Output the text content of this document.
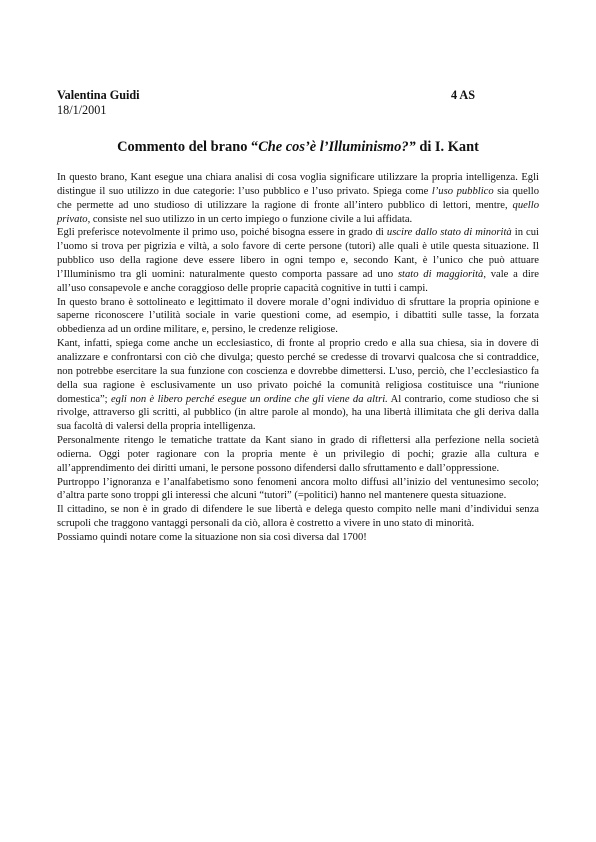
Valentina Guidi	4 AS
18/1/2001
Commento del brano “Che cos’è l’Illuminismo?” di I. Kant

In questo brano, Kant esegue una chiara analisi di cosa voglia significare utilizzare la propria intelligenza. Egli distingue il suo utilizzo in due categorie: l’uso pubblico e l’uso privato. Spiega come l’uso pubblico sia quello che permette ad uno studioso di utilizzare la ragione di fronte all’intero pubblico di lettori, mentre, quello privato, consiste nel suo utilizzo in un certo impiego o funzione civile a lui affidata.

Egli preferisce notevolmente il primo uso, poiché bisogna essere in grado di uscire dallo stato di minorità in cui l’uomo si trova per pigrizia e viltà, a solo favore di certe persone (tutori) alle quali è utile questa situazione. Il pubblico uso della ragione deve essere libero in ogni tempo e, secondo Kant, è l’unico che può attuare l’Illuminismo tra gli uomini: naturalmente questo comporta passare ad uno stato di maggiorità, vale a dire all’uso consapevole e anche coraggioso delle proprie capacità cognitive in tutti i campi.

In questo brano è sottolineato e legittimato il dovere morale d’ogni individuo di sfruttare la propria opinione e saperne riconoscere l’utilità sociale in varie questioni come, ad esempio, i dibattiti sulle tasse, la forzata obbedienza ad un ordine militare, e, persino, le credenze religiose.

Kant, infatti, spiega come anche un ecclesiastico, di fronte al proprio credo e alla sua chiesa, sia in dovere di analizzare e confrontarsi con ciò che divulga; questo perché se credesse di trovarvi qualcosa che si contraddice, non potrebbe esercitare la sua funzione con coscienza e dovrebbe dimettersi. L'uso, perciò, che l’ecclesiastico fa della sua ragione è esclusivamente un uso privato poiché la comunità religiosa costituisce una “riunione domestica”; egli non è libero perché esegue un ordine che gli viene da altri. Al contrario, come studioso che si rivolge, attraverso gli scritti, al pubblico (in altre parole al mondo), ha una libertà illimitata che gli deriva dalla sua facoltà di valersi della propria intelligenza.

Personalmente ritengo le tematiche trattate da Kant siano in grado di riflettersi alla perfezione nella società odierna. Oggi poter ragionare con la propria mente è un privilegio di pochi; grazie alla cultura e all’apprendimento dei diritti umani, le persone possono difendersi dallo sfruttamento e dall’oppressione.

Purtroppo l’ignoranza e l’analfabetismo sono fenomeni ancora molto diffusi all’inizio del ventunesimo secolo; d’altra parte sono troppi gli interessi che alcuni “tutori” (=politici) hanno nel mantenere questa situazione.

Il cittadino, se non è in grado di difendere le sue libertà e delega questo compito nelle mani d’individui senza scrupoli che traggono vantaggi personali da ciò, allora è costretto a vivere in uno stato di minorità.

Possiamo quindi notare come la situazione non sia così diversa dal 1700!
